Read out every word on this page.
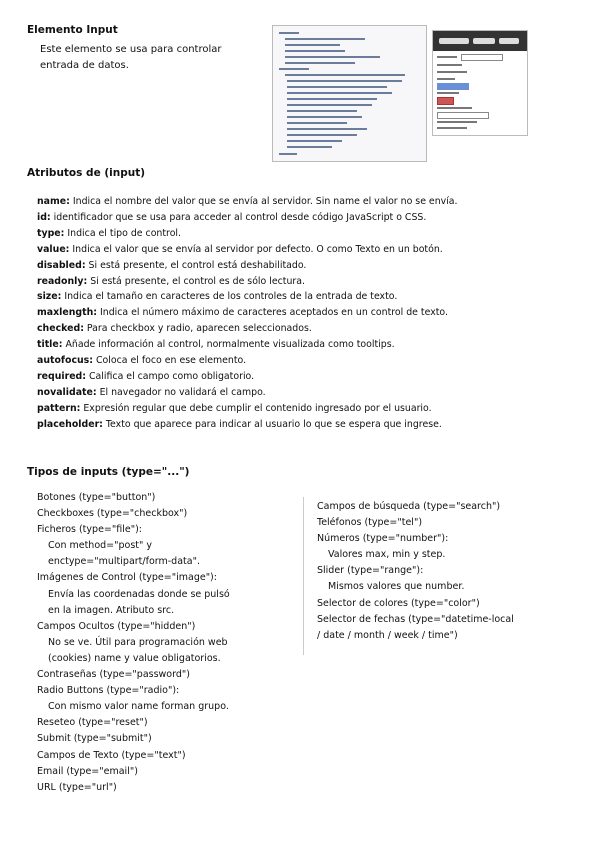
Elemento Input
Este elemento se usa para controlar
entrada de datos.
Atributos de (input)
name: Indica el nombre del valor que se envía al servidor. Sin name el valor no se envía.
id: identificador que se usa para acceder al control desde código JavaScript o CSS.
type: Indica el tipo de control.
value: Indica el valor que se envía al servidor por defecto. O como Texto en un botón.
disabled: Si está presente, el control está deshabilitado.
readonly: Si está presente, el control es de sólo lectura.
size: Indica el tamaño en caracteres de los controles de la entrada de texto.
maxlength: Indica el número máximo de caracteres aceptados en un control de texto.
checked: Para checkbox y radio, aparecen seleccionados.
title: Añade información al control, normalmente visualizada como tooltips.
autofocus: Coloca el foco en ese elemento.
required: Califica el campo como obligatorio.
novalidate: El navegador no validará el campo.
pattern: Expresión regular que debe cumplir el contenido ingresado por el usuario.
placeholder: Texto que aparece para indicar al usuario lo que se espera que ingrese.
Tipos de inputs (type="...")
Botones (type="button")
Checkboxes (type="checkbox")
Ficheros (type="file"):
Con method="post" y
enctype="multipart/form-data".
Imágenes de Control (type="image"):
Envía las coordenadas donde se pulsó
en la imagen. Atributo src.
Campos Ocultos (type="hidden")
No se ve. Útil para programación web
(cookies) name y value obligatorios.
Contraseñas (type="password")
Radio Buttons (type="radio"):
Con mismo valor name forman grupo.
Reseteo (type="reset")
Submit (type="submit")
Campos de Texto (type="text")
Email (type="email")
URL (type="url")
Campos de búsqueda (type="search")
Teléfonos (type="tel")
Números (type="number"):
Valores max, min y step.
Slider (type="range"):
Mismos valores que number.
Selector de colores (type="color")
Selector de fechas (type="datetime-local
/ date / month / week / time")
